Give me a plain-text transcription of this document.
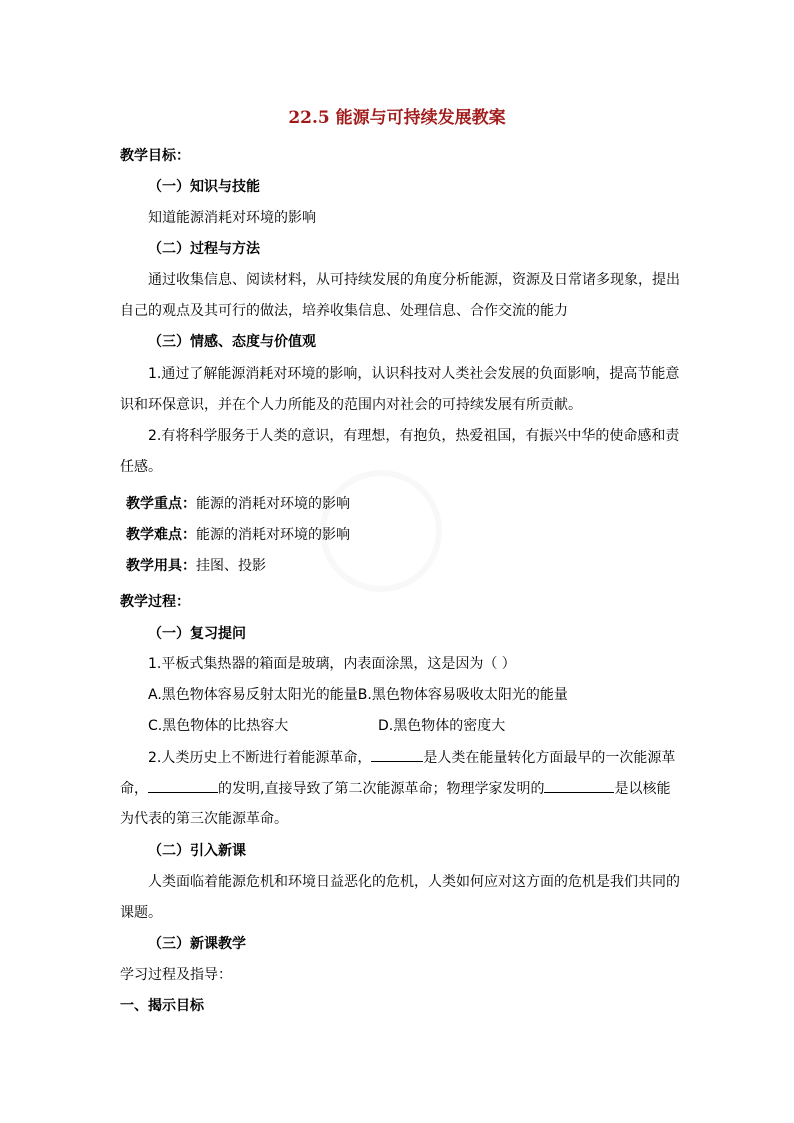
22.5 能源与可持续发展教案
教学目标：
（一）知识与技能
知道能源消耗对环境的影响
（二）过程与方法
通过收集信息、阅读材料，从可持续发展的角度分析能源，资源及日常诸多现象，提出
自己的观点及其可行的做法，培养收集信息、处理信息、合作交流的能力
（三）情感、态度与价值观
1.通过了解能源消耗对环境的影响，认识科技对人类社会发展的负面影响，提高节能意
识和环保意识，并在个人力所能及的范围内对社会的可持续发展有所贡献。
2.有将科学服务于人类的意识，有理想，有抱负，热爱祖国，有振兴中华的使命感和责
任感。
教学重点：能源的消耗对环境的影响
教学难点：能源的消耗对环境的影响
教学用具：挂图、投影
教学过程：
（一）复习提问
1.平板式集热器的箱面是玻璃，内表面涂黑，这是因为（ ）
A.黑色物体容易反射太阳光的能量B.黑色物体容易吸收太阳光的能量
C.黑色物体的比热容大	D.黑色物体的密度大
2.人类历史上不断进行着能源革命，	是人类在能量转化方面最早的一次能源革
命，	的发明,直接导致了第二次能源革命；物理学家发明的	是以核能
为代表的第三次能源革命。
（二）引入新课
人类面临着能源危机和环境日益恶化的危机，人类如何应对这方面的危机是我们共同的
课题。
（三）新课教学
学习过程及指导：
一、揭示目标
